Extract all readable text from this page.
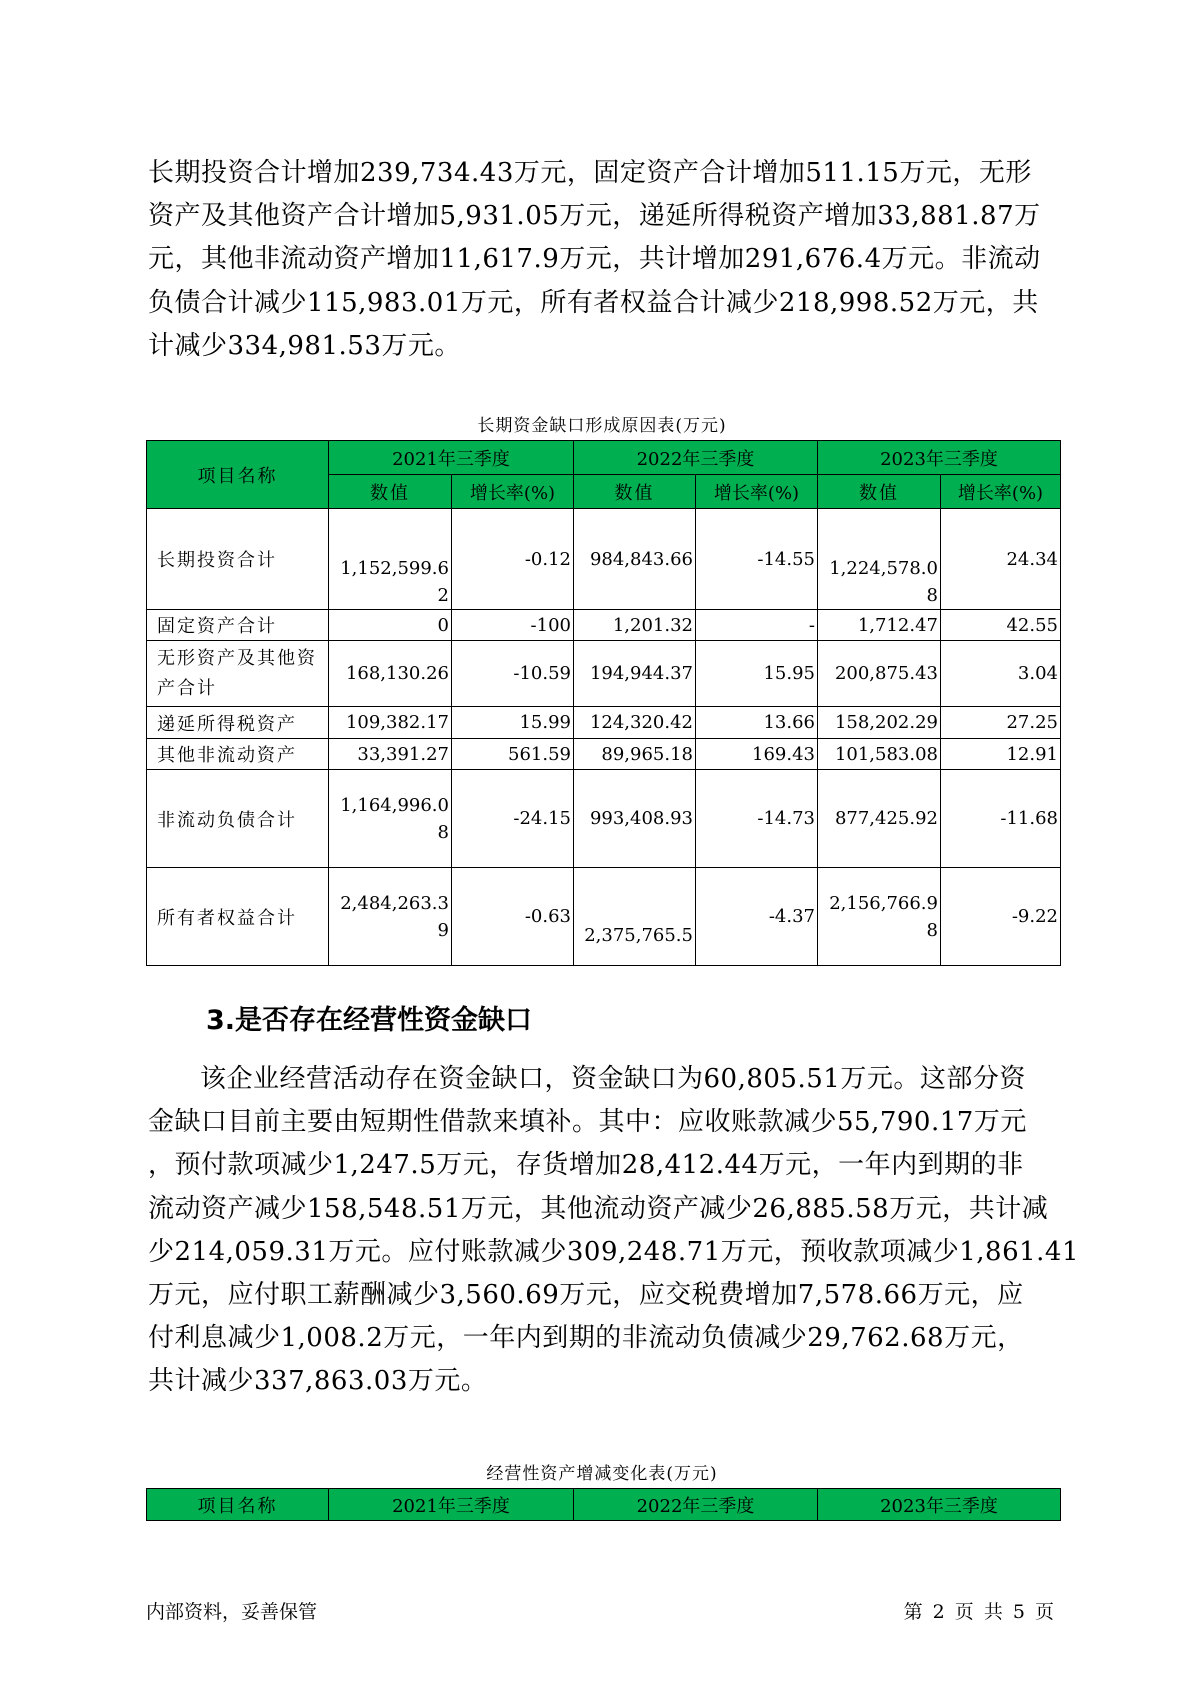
长期投资合计增加239,734.43万元，固定资产合计增加511.15万元，无形
资产及其他资产合计增加5,931.05万元，递延所得税资产增加33,881.87万
元，其他非流动资产增加11,617.9万元，共计增加291,676.4万元。非流动
负债合计减少115,983.01万元，所有者权益合计减少218,998.52万元，共
计减少334,981.53万元。

长期资金缺口形成原因表(万元)
项目名称	2021年三季度		2022年三季度		2023年三季度	
	数值	增长率(%)	数值	增长率(%)	数值	增长率(%)
长期投资合计	1,152,599.62	-0.12	984,843.66	-14.55	1,224,578.08	24.34
固定资产合计	0	-100	1,201.32	-	1,712.47	42.55
无形资产及其他资产合计	168,130.26	-10.59	194,944.37	15.95	200,875.43	3.04
递延所得税资产	109,382.17	15.99	124,320.42	13.66	158,202.29	27.25
其他非流动资产	33,391.27	561.59	89,965.18	169.43	101,583.08	12.91
非流动负债合计	1,164,996.08	-24.15	993,408.93	-14.73	877,425.92	-11.68
所有者权益合计	2,484,263.39	-0.63	2,375,765.5	-4.37	2,156,766.98	-9.22
3.是否存在经营性资金缺口

该企业经营活动存在资金缺口，资金缺口为60,805.51万元。这部分资
金缺口目前主要由短期性借款来填补。其中：应收账款减少55,790.17万元
，预付款项减少1,247.5万元，存货增加28,412.44万元，一年内到期的非
流动资产减少158,548.51万元，其他流动资产减少26,885.58万元，共计减
少214,059.31万元。应付账款减少309,248.71万元，预收款项减少1,861.41
万元，应付职工薪酬减少3,560.69万元，应交税费增加7,578.66万元，应
付利息减少1,008.2万元，一年内到期的非流动负债减少29,762.68万元，
共计减少337,863.03万元。

经营性资产增减变化表(万元)
项目名称	2021年三季度	2022年三季度	2023年三季度
内部资料，妥善保管	第 2 页 共 5 页
